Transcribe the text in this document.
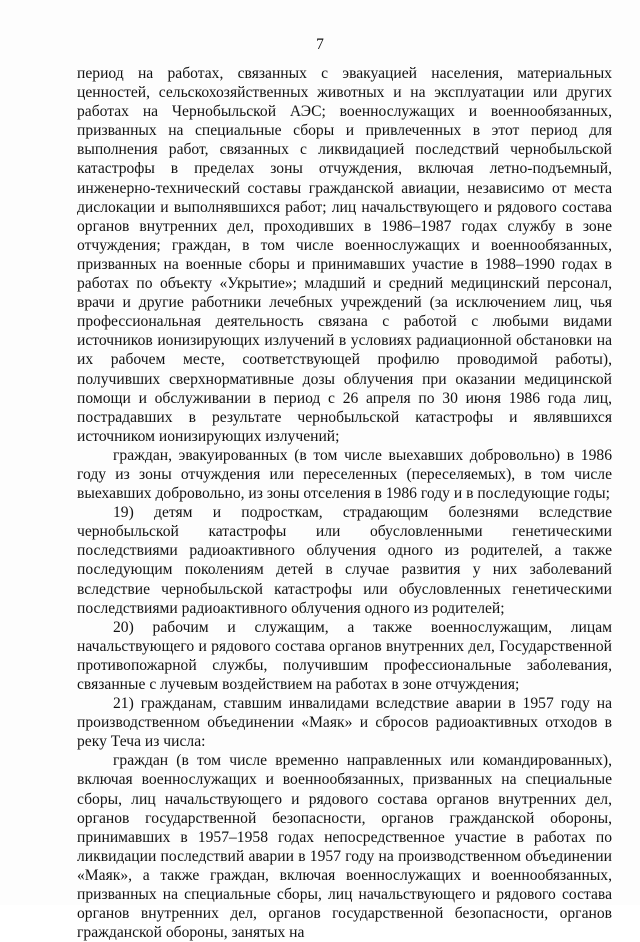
7

период на работах, связанных с эвакуацией населения, материальных ценностей, сельскохозяйственных животных и на эксплуатации или других работах на Чернобыльской АЭС; военнослужащих и военнообязанных, призванных на специальные сборы и привлеченных в этот период для выполнения работ, связанных с ликвидацией последствий чернобыльской катастрофы в пределах зоны отчуждения, включая летно-подъемный, инженерно-технический составы гражданской авиации, независимо от места дислокации и выполнявшихся работ; лиц начальствующего и рядового состава органов внутренних дел, проходивших в 1986–1987 годах службу в зоне отчуждения; граждан, в том числе военнослужащих и военнообязанных, призванных на военные сборы и принимавших участие в 1988–1990 годах в работах по объекту «Укрытие»; младший и средний медицинский персонал, врачи и другие работники лечебных учреждений (за исключением лиц, чья профессиональная деятельность связана с работой с любыми видами источников ионизирующих излучений в условиях радиационной обстановки на их рабочем месте, соответствующей профилю проводимой работы), получивших сверхнормативные дозы облучения при оказании медицинской помощи и обслуживании в период с 26 апреля по 30 июня 1986 года лиц, пострадавших в результате чернобыльской катастрофы и являвшихся источником ионизирующих излучений;

граждан, эвакуированных (в том числе выехавших добровольно) в 1986 году из зоны отчуждения или переселенных (переселяемых), в том числе выехавших добровольно, из зоны отселения в 1986 году и в последующие годы;

19) детям и подросткам, страдающим болезнями вследствие чернобыльской катастрофы или обусловленными генетическими последствиями радиоактивного облучения одного из родителей, а также последующим поколениям детей в случае развития у них заболеваний вследствие чернобыльской катастрофы или обусловленных генетическими последствиями радиоактивного облучения одного из родителей;

20) рабочим и служащим, а также военнослужащим, лицам начальствующего и рядового состава органов внутренних дел, Государственной противопожарной службы, получившим профессиональные заболевания, связанные с лучевым воздействием на работах в зоне отчуждения;

21) гражданам, ставшим инвалидами вследствие аварии в 1957 году на производственном объединении «Маяк» и сбросов радиоактивных отходов в реку Теча из числа:

граждан (в том числе временно направленных или командированных), включая военнослужащих и военнообязанных, призванных на специальные сборы, лиц начальствующего и рядового состава органов внутренних дел, органов государственной безопасности, органов гражданской обороны, принимавших в 1957–1958 годах непосредственное участие в работах по ликвидации последствий аварии в 1957 году на производственном объединении «Маяк», а также граждан, включая военнослужащих и военнообязанных, призванных на специальные сборы, лиц начальствующего и рядового состава органов внутренних дел, органов государственной безопасности, органов гражданской обороны, занятых на
